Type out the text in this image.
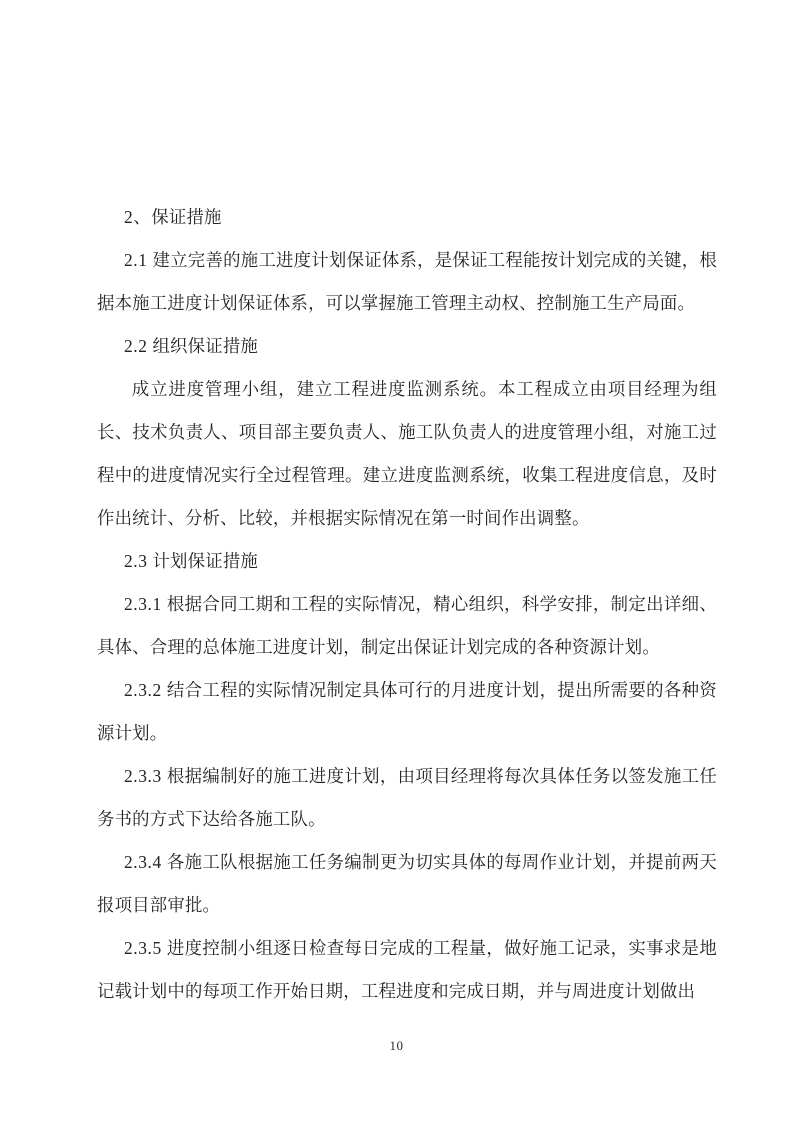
2、保证措施

2.1 建立完善的施工进度计划保证体系，是保证工程能按计划完成的关键，根据本施工进度计划保证体系，可以掌握施工管理主动权、控制施工生产局面。

2.2 组织保证措施

成立进度管理小组，建立工程进度监测系统。本工程成立由项目经理为组长、技术负责人、项目部主要负责人、施工队负责人的进度管理小组，对施工过程中的进度情况实行全过程管理。建立进度监测系统，收集工程进度信息，及时作出统计、分析、比较，并根据实际情况在第一时间作出调整。

2.3 计划保证措施

2.3.1 根据合同工期和工程的实际情况，精心组织，科学安排，制定出详细、具体、合理的总体施工进度计划，制定出保证计划完成的各种资源计划。

2.3.2 结合工程的实际情况制定具体可行的月进度计划，提出所需要的各种资源计划。

2.3.3 根据编制好的施工进度计划，由项目经理将每次具体任务以签发施工任务书的方式下达给各施工队。

2.3.4 各施工队根据施工任务编制更为切实具体的每周作业计划，并提前两天报项目部审批。

2.3.5 进度控制小组逐日检查每日完成的工程量，做好施工记录，实事求是地记载计划中的每项工作开始日期，工程进度和完成日期，并与周进度计划做出

10
